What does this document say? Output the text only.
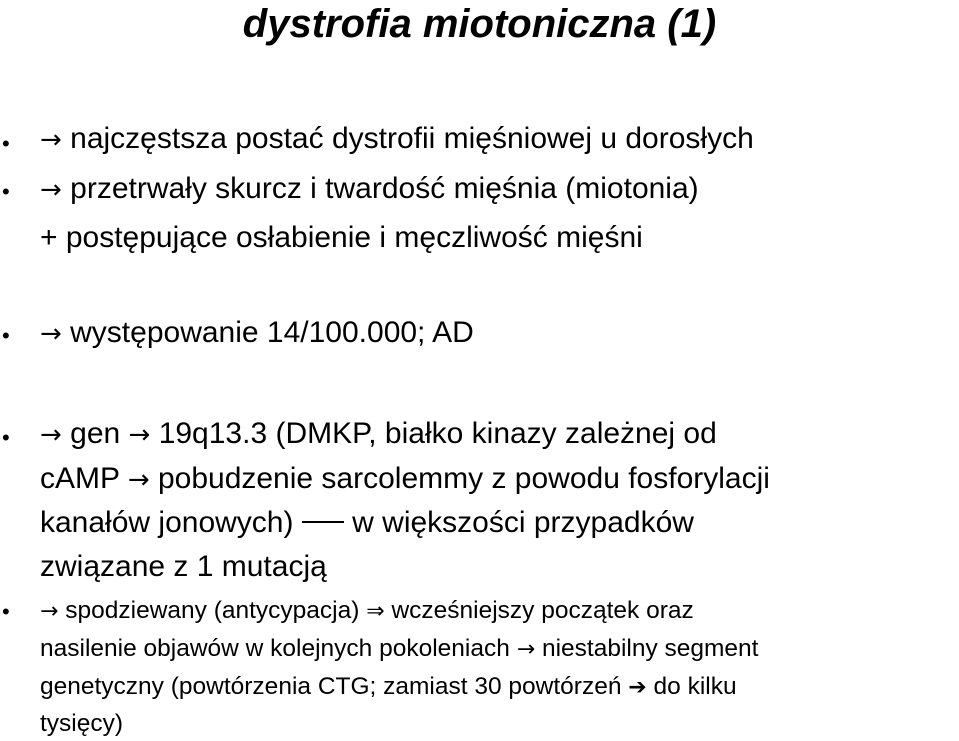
dystrofia miotoniczna (1)
• → najczęstsza postać dystrofii mięśniowej u dorosłych
• → przetrwały skurcz i twardość mięśnia (miotonia)
+ postępujące osłabienie i męczliwość mięśni
• → występowanie 14/100.000; AD
• → gen → 19q13.3 (DMKP, białko kinazy zależnej od
cAMP → pobudzenie sarcolemmy z powodu fosforylacji
kanałów jonowych) w większości przypadków
związane z 1 mutacją
• → spodziewany (antycypacja) ⇒ wcześniejszy początek oraz
nasilenie objawów w kolejnych pokoleniach → niestabilny segment
genetyczny (powtórzenia CTG; zamiast 30 powtórzeń ➔ do kilku
tysięcy)
